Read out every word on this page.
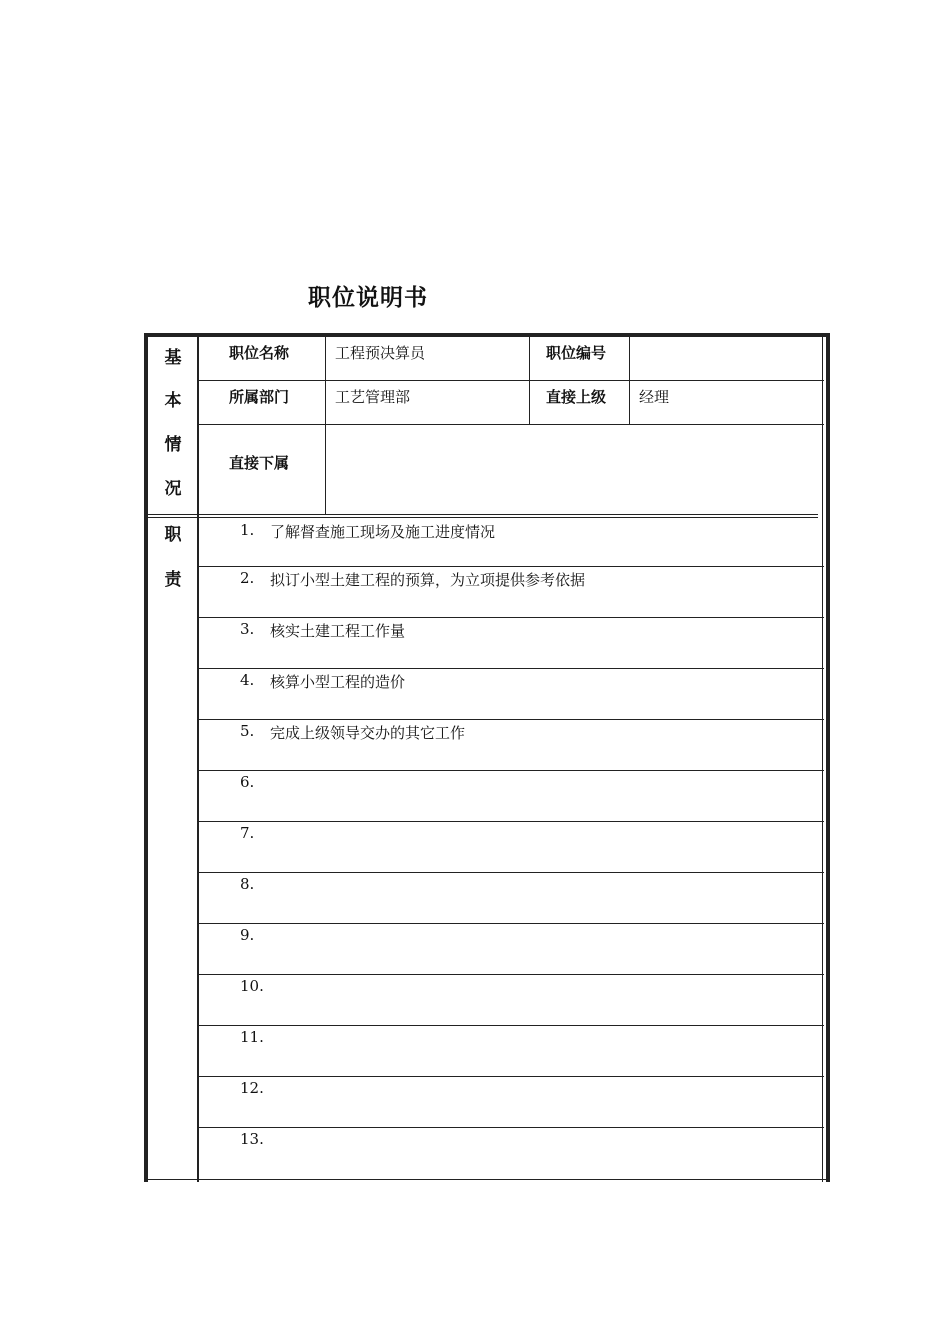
职位说明书
基
本
情
况
职
责
职位名称	工程预决算员	职位编号
所属部门	工艺管理部	直接上级 经理
直接下属
1. 了解督查施工现场及施工进度情况
2. 拟订小型土建工程的预算，为立项提供参考依据
3. 核实土建工程工作量
4. 核算小型工程的造价
5. 完成上级领导交办的其它工作
6.
7.
8.
9.
10.
11.
12.
13.
